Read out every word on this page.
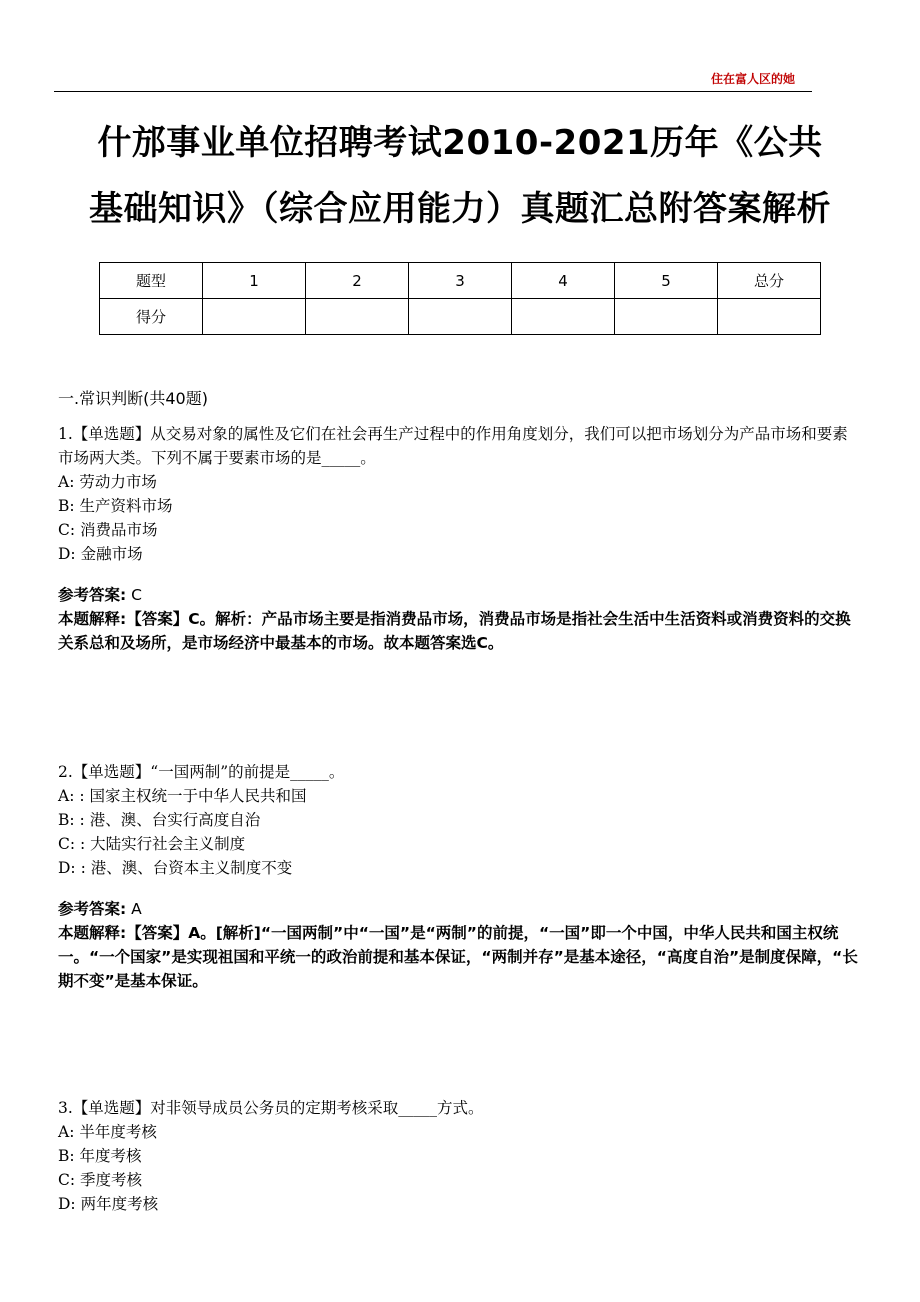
住在富人区的她
什邡事业单位招聘考试2010-2021历年《公共
基础知识》（综合应用能力）真题汇总附答案解析
题型	1	2	3	4	5	总分
得分						
一.常识判断(共40题)

1.【单选题】从交易对象的属性及它们在社会再生产过程中的作用角度划分，我们可以把市场划分为产品市场和要素市场两大类。下列不属于要素市场的是_____。

A: 劳动力市场

B: 生产资料市场

C: 消费品市场

D: 金融市场

参考答案: C

本题解释:【答案】C。解析：产品市场主要是指消费品市场，消费品市场是指社会生活中生活资料或消费资料的交换关系总和及场所，是市场经济中最基本的市场。故本题答案选C。

2.【单选题】“一国两制”的前提是_____。

A: : 国家主权统一于中华人民共和国

B: : 港、澳、台实行高度自治

C: : 大陆实行社会主义制度

D: : 港、澳、台资本主义制度不变

参考答案: A

本题解释:【答案】A。[解析]“一国两制”中“一国”是“两制”的前提，“一国”即一个中国，中华人民共和国主权统一。“一个国家”是实现祖国和平统一的政治前提和基本保证，“两制并存”是基本途径，“高度自治”是制度保障，“长期不变”是基本保证。

3.【单选题】对非领导成员公务员的定期考核采取_____方式。

A: 半年度考核

B: 年度考核

C: 季度考核

D: 两年度考核
